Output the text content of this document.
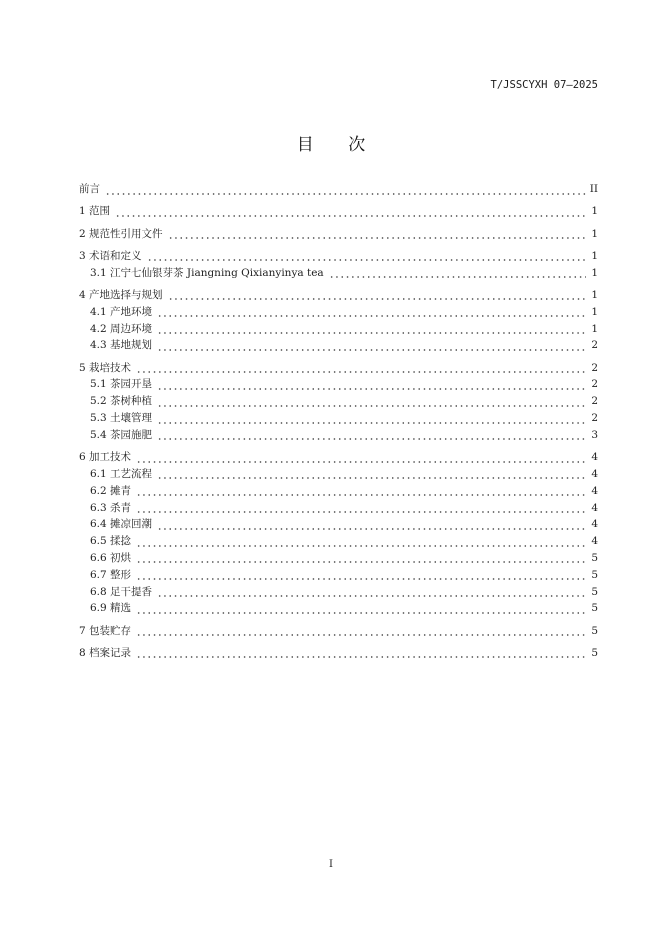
T/JSSCYXH 07—2025
目 次
前言	II
1 范围	1
2 规范性引用文件	1
3 术语和定义	1
3.1 江宁七仙银芽茶 Jiangning Qixianyinya tea	1
4 产地选择与规划	1
4.1 产地环境	1
4.2 周边环境	1
4.3 基地规划	2
5 栽培技术	2
5.1 茶园开垦	2
5.2 茶树种植	2
5.3 土壤管理	2
5.4 茶园施肥	3
6 加工技术	4
6.1 工艺流程	4
6.2 摊青	4
6.3 杀青	4
6.4 摊凉回潮	4
6.5 揉捻	4
6.6 初烘	5
6.7 整形	5
6.8 足干提香	5
6.9 精选	5
7 包装贮存	5
8 档案记录	5
I
